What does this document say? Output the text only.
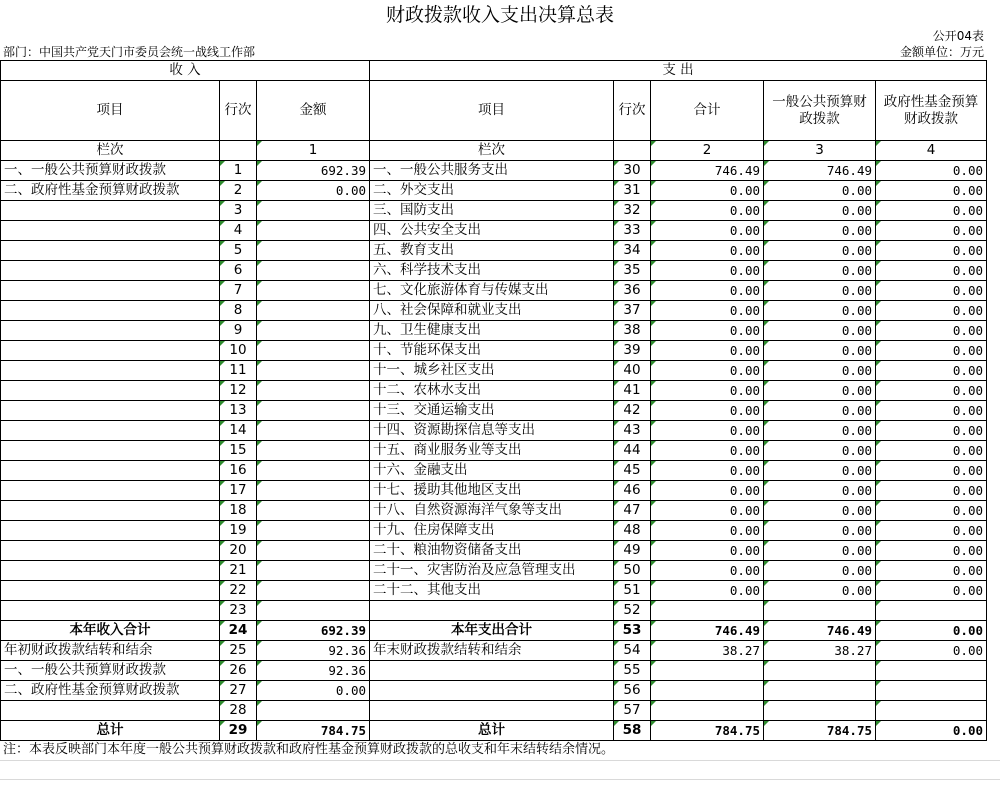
财政拨款收入支出决算总表
公开04表
部门：中国共产党天门市委员会统一战线工作部	金额单位：万元
收 入			支 出				
项目	行次	金额	项目	行次	合计	一般公共预算财政拨款	政府性基金预算财政拨款
栏次		1	栏次		2	3	4
一、一般公共预算财政拨款	1	692.39	一、一般公共服务支出	30	746.49	746.49	0.00
二、政府性基金预算财政拨款	2	0.00	二、外交支出	31	0.00	0.00	0.00
	3		三、国防支出	32	0.00	0.00	0.00
	4		四、公共安全支出	33	0.00	0.00	0.00
	5		五、教育支出	34	0.00	0.00	0.00
	6		六、科学技术支出	35	0.00	0.00	0.00
	7		七、文化旅游体育与传媒支出	36	0.00	0.00	0.00
	8		八、社会保障和就业支出	37	0.00	0.00	0.00
	9		九、卫生健康支出	38	0.00	0.00	0.00
	10		十、节能环保支出	39	0.00	0.00	0.00
	11		十一、城乡社区支出	40	0.00	0.00	0.00
	12		十二、农林水支出	41	0.00	0.00	0.00
	13		十三、交通运输支出	42	0.00	0.00	0.00
	14		十四、资源勘探信息等支出	43	0.00	0.00	0.00
	15		十五、商业服务业等支出	44	0.00	0.00	0.00
	16		十六、金融支出	45	0.00	0.00	0.00
	17		十七、援助其他地区支出	46	0.00	0.00	0.00
	18		十八、自然资源海洋气象等支出	47	0.00	0.00	0.00
	19		十九、住房保障支出	48	0.00	0.00	0.00
	20		二十、粮油物资储备支出	49	0.00	0.00	0.00
	21		二十一、灾害防治及应急管理支出	50	0.00	0.00	0.00
	22		二十二、其他支出	51	0.00	0.00	0.00
	23			52			
本年收入合计	24	692.39	本年支出合计	53	746.49	746.49	0.00
年初财政拨款结转和结余	25	92.36	年末财政拨款结转和结余	54	38.27	38.27	0.00
一、一般公共预算财政拨款	26	92.36		55			
二、政府性基金预算财政拨款	27	0.00		56			
	28			57			
总计	29	784.75	总计	58	784.75	784.75	0.00
注：本表反映部门本年度一般公共预算财政拨款和政府性基金预算财政拨款的总收支和年末结转结余情况。
